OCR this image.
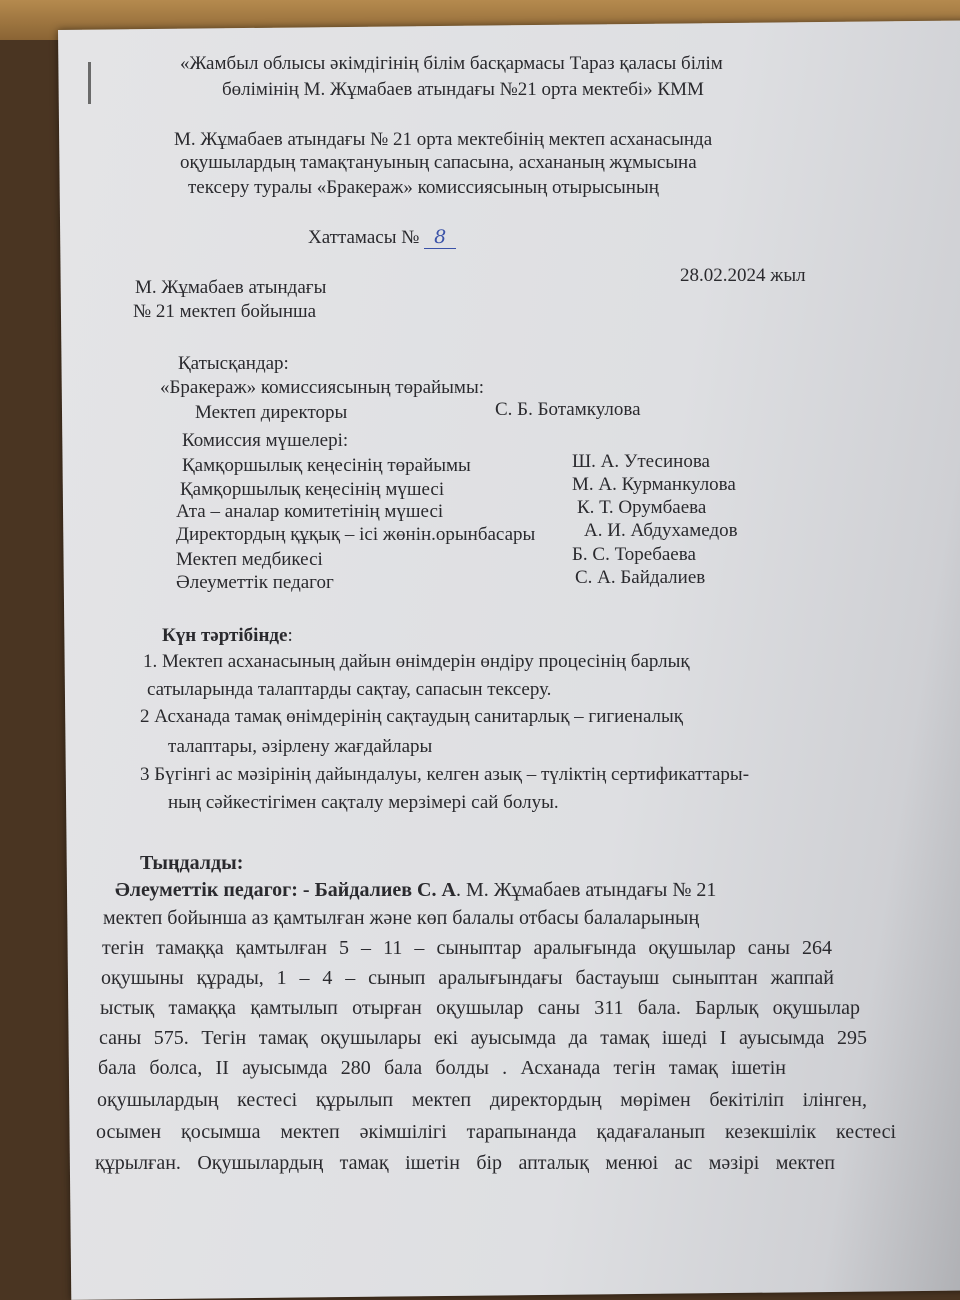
«Жамбыл облысы әкімдігінің білім басқармасы Тараз қаласы білім
бөлімінің М. Жұмабаев атындағы №21 орта мектебі» КММ
М. Жұмабаев атындағы № 21 орта мектебінің мектеп асханасында
оқушылардың тамақтануының сапасына, асхананың жұмысына
тексеру туралы «Бракераж» комиссиясының отырысының
Хаттамасы № 8
28.02.2024 жыл
М. Жұмабаев атындағы
№ 21 мектеп бойынша
Қатысқандар:
«Бракераж» комиссиясының төрайымы:
Мектеп директоры	С. Б. Ботамкулова
Комиссия мүшелері:
Қамқоршылық кеңесінің төрайымы	Ш. А. Утесинова
Қамқоршылық кеңесінің мүшесі	М. А. Курманкулова
Ата – аналар комитетінің мүшесі	К. Т. Орумбаева
Директордың құқық – ісі жөнін.орынбасары	А. И. Абдухамедов
Мектеп медбикесі	Б. С. Торебаева
Әлеуметтік педагог	С. А. Байдалиев
Күн тәртібінде:
1. Мектеп асханасының дайын өнімдерін өндіру процесінің барлық
сатыларында талаптарды сақтау, сапасын тексеру.
2 Асханада тамақ өнімдерінің сақтаудың санитарлық – гигиеналық
талаптары, әзірлену жағдайлары
3 Бүгінгі ас мәзірінің дайындалуы, келген азық – түліктің сертификаттары-
ның сәйкестігімен сақталу мерзімері сай болуы.
Тыңдалды:
Әлеуметтік педагог: - Байдалиев С. А. М. Жұмабаев атындағы № 21
мектеп бойынша аз қамтылған және көп балалы отбасы балаларының
тегін тамаққа қамтылған 5 – 11 – сыныптар аралығында оқушылар саны 264
оқушыны құрады, 1 – 4 – сынып аралығындағы бастауыш сыныптан жаппай
ыстық тамаққа қамтылып отырған оқушылар саны 311 бала. Барлық оқушылар
саны 575. Тегін тамақ оқушылары екі ауысымда да тамақ ішеді I ауысымда 295
бала болса, II ауысымда 280 бала болды . Асханада тегін тамақ ішетін
оқушылардың кестесі құрылып мектеп директордың мөрімен бекітіліп ілінген,
осымен қосымша мектеп әкімшілігі тарапынанда қадағаланып кезекшілік кестесі
құрылған. Оқушылардың тамақ ішетін бір апталық менюі ас мәзірі мектеп
